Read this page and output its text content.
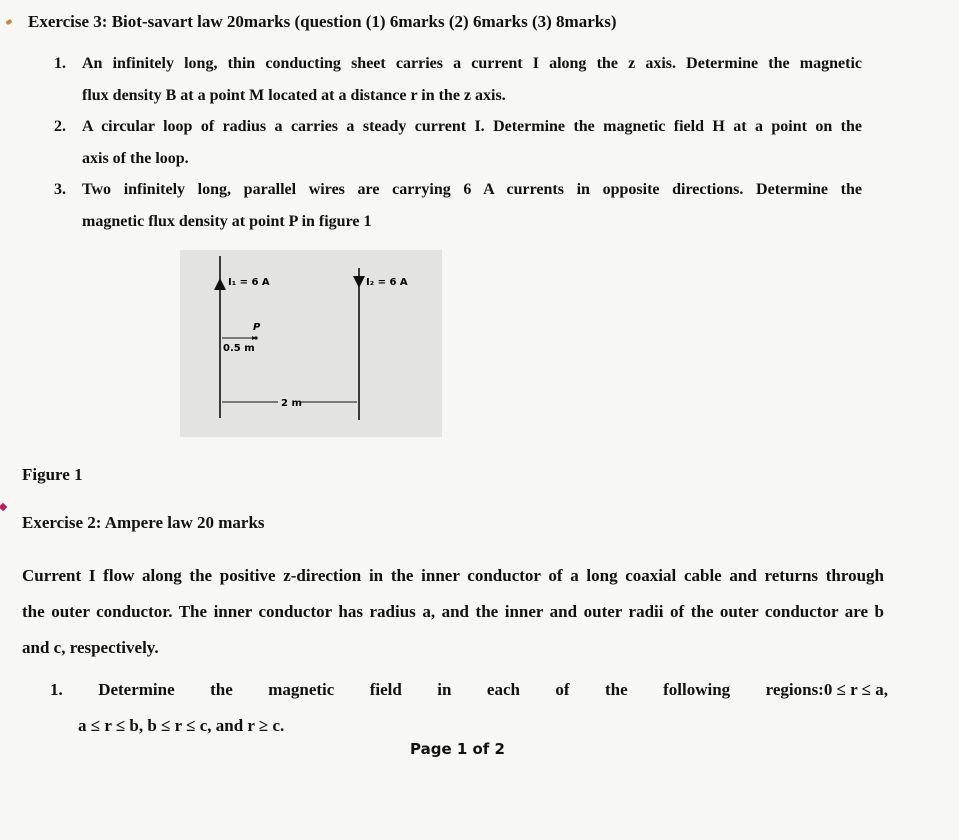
Exercise 3: Biot-savart law 20marks (question (1) 6marks (2) 6marks (3) 8marks)
1. An infinitely long, thin conducting sheet carries a current I along the z axis. Determine the magnetic
flux density B at a point M located at a distance r in the z axis.
2. A circular loop of radius a carries a steady current I. Determine the magnetic field H at a point on the
axis of the loop.
3. Two infinitely long, parallel wires are carrying 6 A currents in opposite directions. Determine the
magnetic flux density at point P in figure 1
I₁ = 6 A	I₂ = 6 A
P
0.5 m
2 m
Figure 1
Exercise 2: Ampere law 20 marks
Current I flow along the positive z-direction in the inner conductor of a long coaxial cable and returns through
the outer conductor. The inner conductor has radius a, and the inner and outer radii of the outer conductor are b
and c, respectively.
1. Determine the magnetic field in each of the following regions:0 ≤ r ≤ a,
a ≤ r ≤ b, b ≤ r ≤ c, and r ≥ c.
Page 1 of 2
